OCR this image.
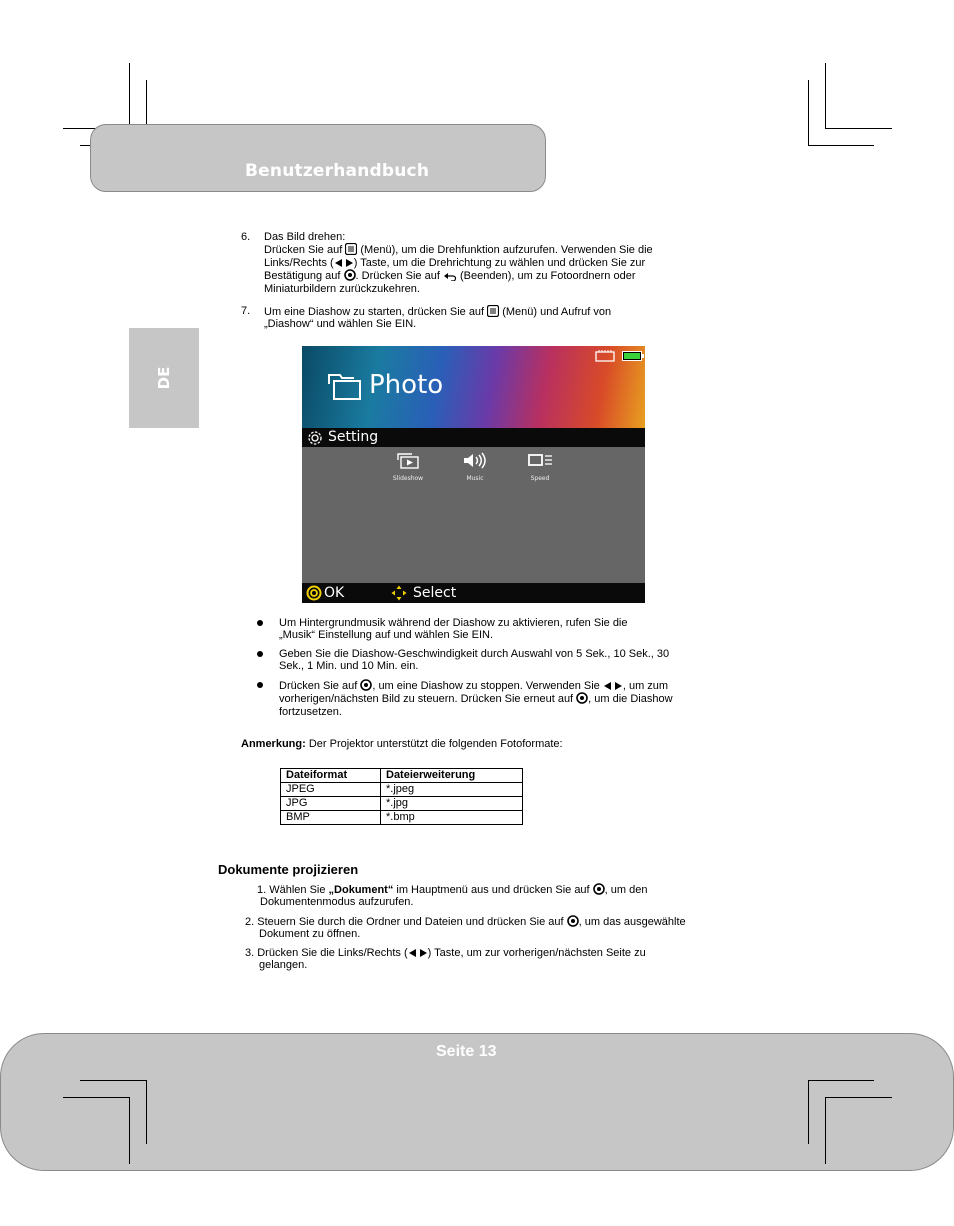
Benutzerhandbuch
DE
6. Das Bild drehen:
Drücken Sie auf  (Menü), um die Drehfunktion aufzurufen. Verwenden Sie die
Links/Rechts ( ) Taste, um die Drehrichtung zu wählen und drücken Sie zur
Bestätigung auf . Drücken Sie auf  (Beenden), um zu Fotoordnern oder
Miniaturbildern zurückzukehren.
7. Um eine Diashow zu starten, drücken Sie auf  (Menü) und Aufruf von
„Diashow“ und wählen Sie EIN.
Photo
Setting
Slideshow	Music	Speed
OK	Select
Um Hintergrundmusik während der Diashow zu aktivieren, rufen Sie die
„Musik“ Einstellung auf und wählen Sie EIN.
Geben Sie die Diashow-Geschwindigkeit durch Auswahl von 5 Sek., 10 Sek., 30
Sek., 1 Min. und 10 Min. ein.
Drücken Sie auf , um eine Diashow zu stoppen. Verwenden Sie , um zum
vorherigen/nächsten Bild zu steuern. Drücken Sie erneut auf , um die Diashow
fortzusetzen.
Anmerkung: Der Projektor unterstützt die folgenden Fotoformate:
Dateiformat	Dateierweiterung
JPEG	*.jpeg
JPG	*.jpg
BMP	*.bmp
Dokumente projizieren
1. Wählen Sie „Dokument“ im Hauptmenü aus und drücken Sie auf , um den
Dokumentenmodus aufzurufen.
2. Steuern Sie durch die Ordner und Dateien und drücken Sie auf , um das ausgewählte
Dokument zu öffnen.
3. Drücken Sie die Links/Rechts ( ) Taste, um zur vorherigen/nächsten Seite zu
gelangen.
Seite 13
